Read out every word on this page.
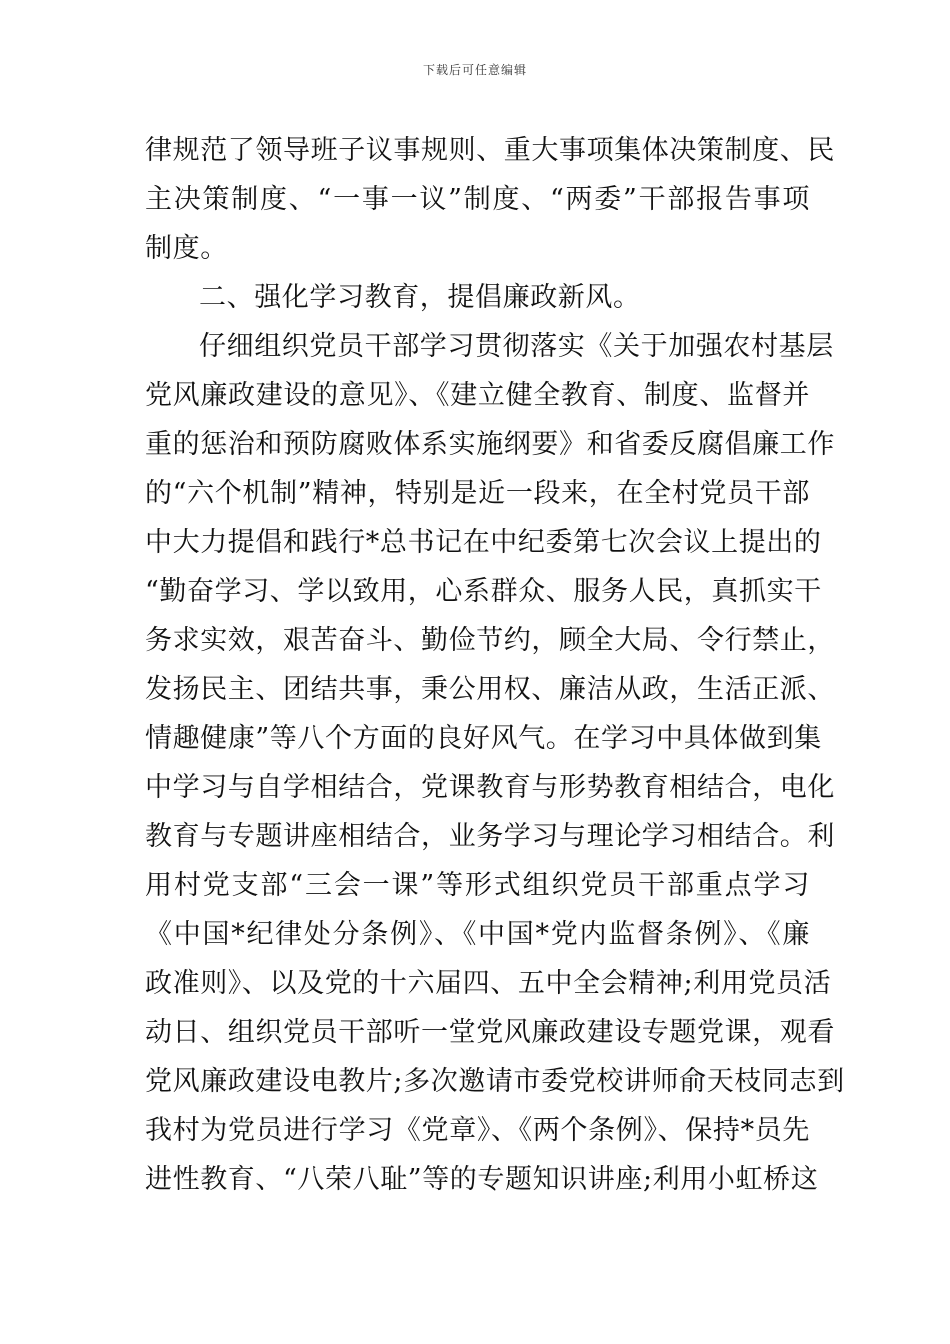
下载后可任意编辑
律规范了领导班子议事规则、重大事项集体决策制度、民
主决策制度、“一事一议”制度、“两委”干部报告事项
制度。
二、强化学习教育，提倡廉政新风。
仔细组织党员干部学习贯彻落实《关于加强农村基层
党风廉政建设的意见》、《建立健全教育、制度、监督并
重的惩治和预防腐败体系实施纲要》和省委反腐倡廉工作
的“六个机制”精神，特别是近一段来，在全村党员干部
中大力提倡和践行*总书记在中纪委第七次会议上提出的
“勤奋学习、学以致用，心系群众、服务人民，真抓实干
务求实效，艰苦奋斗、勤俭节约，顾全大局、令行禁止，
发扬民主、团结共事，秉公用权、廉洁从政，生活正派、
情趣健康”等八个方面的良好风气。在学习中具体做到集
中学习与自学相结合，党课教育与形势教育相结合，电化
教育与专题讲座相结合，业务学习与理论学习相结合。利
用村党支部“三会一课”等形式组织党员干部重点学习
《中国*纪律处分条例》、《中国*党内监督条例》、《廉
政准则》、以及党的十六届四、五中全会精神;利用党员活
动日、组织党员干部听一堂党风廉政建设专题党课，观看
党风廉政建设电教片;多次邀请市委党校讲师俞天枝同志到
我村为党员进行学习《党章》、《两个条例》、保持*员先
进性教育、“八荣八耻”等的专题知识讲座;利用小虹桥这
